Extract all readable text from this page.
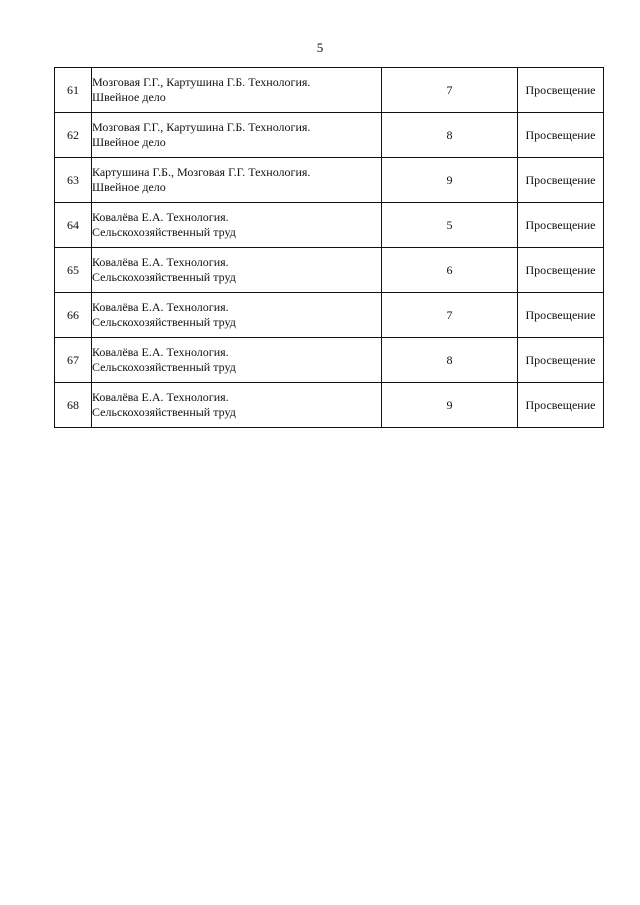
5
61	Мозговая Г.Г., Картушина Г.Б. Технология.
Швейное дело	7	Просвещение
62	Мозговая Г.Г., Картушина Г.Б. Технология.
Швейное дело	8	Просвещение
63	Картушина Г.Б., Мозговая Г.Г. Технология.
Швейное дело	9	Просвещение
64	Ковалёва Е.А. Технология.
Сельскохозяйственный труд	5	Просвещение
65	Ковалёва Е.А. Технология.
Сельскохозяйственный труд	6	Просвещение
66	Ковалёва Е.А. Технология.
Сельскохозяйственный труд	7	Просвещение
67	Ковалёва Е.А. Технология.
Сельскохозяйственный труд	8	Просвещение
68	Ковалёва Е.А. Технология.
Сельскохозяйственный труд	9	Просвещение
